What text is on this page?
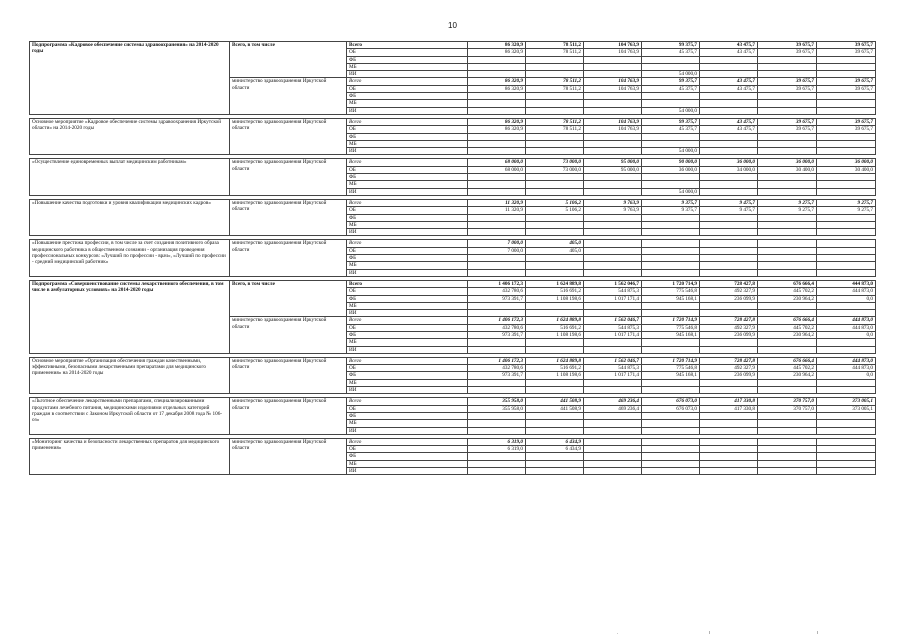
10
Подпрограмма «Кадровое обеспечение системы здравоохранения» на 2014-2020 годы	Всего, в том числе	Всего	86 320,9	78 511,2	104 763,9	99 375,7	43 475,7	39 675,7	39 675,7
		ОБ	86 320,9	78 511,2	104 763,9	45 375,7	43 475,7	39 675,7	39 675,7
		ФБ							
		МБ							
		ИИ				54 000,0			
	министерство здравоохранения Иркутской области	Всего	86 320,9	78 511,2	104 763,9	99 375,7	43 475,7	39 675,7	39 675,7
		ОБ	86 320,9	78 511,2	104 763,9	45 375,7	43 475,7	39 675,7	39 675,7
		ФБ							
		МБ							
		ИИ				54 000,0			

Основное мероприятие «Кадровое обеспечение системы здравоохранения Иркутской области» на 2014-2020 годы	министерство здравоохранения Иркутской области	Всего	86 320,9	78 511,2	104 763,9	99 375,7	43 475,7	39 675,7	39 675,7
		ОБ	86 320,9	78 511,2	104 763,9	45 375,7	43 475,7	39 675,7	39 675,7
		ФБ							
		МБ							
		ИИ				54 000,0			

«Осуществление единовременных выплат медицинским работникам»	министерство здравоохранения Иркутской области	Всего	68 000,0	73 000,0	95 000,0	90 000,0	36 000,0	36 000,0	36 000,0
		ОБ	68 000,0	73 000,0	95 000,0	36 000,0	34 000,0	30 400,0	30 400,0
		ФБ							
		МБ							
		ИИ				54 000,0			

«Повышение качества подготовки и уровня квалификации медицинских кадров»	министерство здравоохранения Иркутской области	Всего	11 320,9	5 106,2	9 763,9	9 375,7	9 475,7	9 275,7	9 275,7
		ОБ	11 320,9	5 106,2	9 763,9	9 375,7	9 475,7	9 275,7	9 275,7
		ФБ							
		МБ							
		ИИ							

«Повышение престижа профессии, в том числе за счет создания позитивного образа медицинского работника в общественном сознании - организация проведения профессиональных конкурсов: «Лучший по профессии - врач», «Лучший по профессии - средний медицинский работник»	министерство здравоохранения Иркутской области	Всего	7 000,0	405,0					
		ОБ	7 000,0	405,0					
		ФБ							
		МБ							
		ИИ							

Подпрограмма «Совершенствование системы лекарственного обеспечения, в том числе в амбулаторных условиях» на 2014-2020 годы	Всего, в том числе	Всего	1 406 172,3	1 624 889,8	1 562 046,7	1 720 714,9	728 427,8	676 666,4	444 873,0
		ОБ	432 780,6	516 691,2	544 875,3	775 546,8	492 327,9	445 702,2	444 873,0
		ФБ	973 391,7	1 108 198,6	1 017 171,4	945 168,1	236 099,9	230 964,2	0,0
		МБ							
		ИИ							
	министерство здравоохранения Иркутской области	Всего	1 406 172,3	1 624 889,8	1 562 046,7	1 720 714,9	728 427,8	676 666,4	444 873,0
		ОБ	432 780,6	516 691,2	544 875,3	775 546,8	492 327,9	445 702,2	444 873,0
		ФБ	973 391,7	1 108 198,6	1 017 171,4	945 168,1	236 099,9	230 964,2	0,0
		МБ							
		ИИ							

Основное мероприятие «Организация обеспечения граждан качественными, эффективными, безопасными лекарственными препаратами для медицинского применения» на 2014-2020 годы	министерство здравоохранения Иркутской области	Всего	1 406 172,3	1 624 889,8	1 562 046,7	1 720 714,9	728 427,8	676 666,4	444 873,0
		ОБ	432 780,6	516 691,2	544 875,3	775 546,8	492 327,9	445 702,2	444 873,0
		ФБ	973 391,7	1 108 198,6	1 017 171,4	945 168,1	236 099,9	230 964,2	0,0
		МБ							
		ИИ							

«Льготное обеспечение лекарственными препаратами, специализированными продуктами лечебного питания, медицинскими изделиями отдельных категорий граждан в соответствии с Законом Иркутской области от 17 декабря 2008 года № 106-оз»	министерство здравоохранения Иркутской области	Всего	355 958,0	441 508,9	469 236,4	676 073,0	417 330,8	370 757,0	373 005,1
		ОБ	355 958,0	441 508,9	469 236,4	676 073,0	417 330,8	370 757,0	373 005,1
		ФБ							
		МБ							
		ИИ							

«Мониторинг качества и безопасности лекарственных препаратов для медицинского применения»	министерство здравоохранения Иркутской области	Всего	6 319,0	6 434,9					
		ОБ	6 319,0	6 434,9					
		ФБ							
		МБ							
		ИИ							
.	ı	ı
